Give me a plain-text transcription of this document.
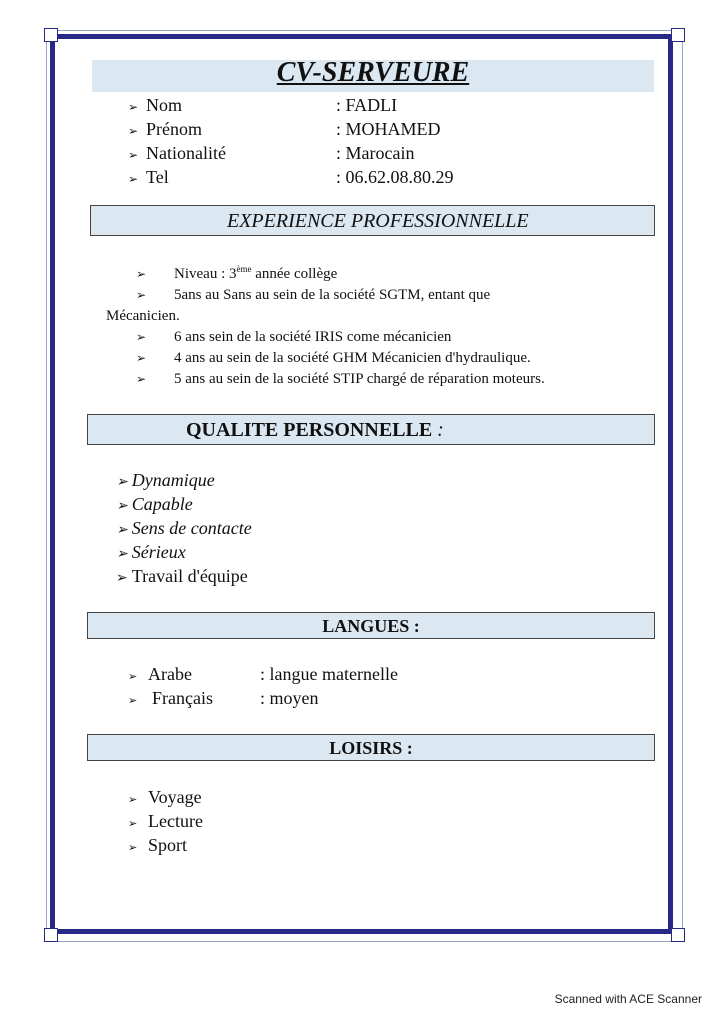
CV-SERVEURE
➢ Nom	: FADLI
➢ Prénom	: MOHAMED
➢ Nationalité	: Marocain
➢ Tel	: 06.62.08.80.29
EXPERIENCE PROFESSIONNELLE
➢ Niveau : 3ème année collège
➢ 5ans au Sans au sein de la société SGTM, entant que
Mécanicien.
➢ 6 ans sein de la société IRIS come mécanicien
➢ 4 ans au sein de la société GHM Mécanicien d'hydraulique.
➢ 5 ans au sein de la société STIP chargé de réparation moteurs.
QUALITE PERSONNELLE :
➢ Dynamique
➢ Capable
➢ Sens de contacte
➢ Sérieux
➢ Travail d'équipe
LANGUES :
➢ Arabe	: langue maternelle
➢ Français	: moyen
LOISIRS :
➢ Voyage
➢ Lecture
➢ Sport
Scanned with ACE Scanner
